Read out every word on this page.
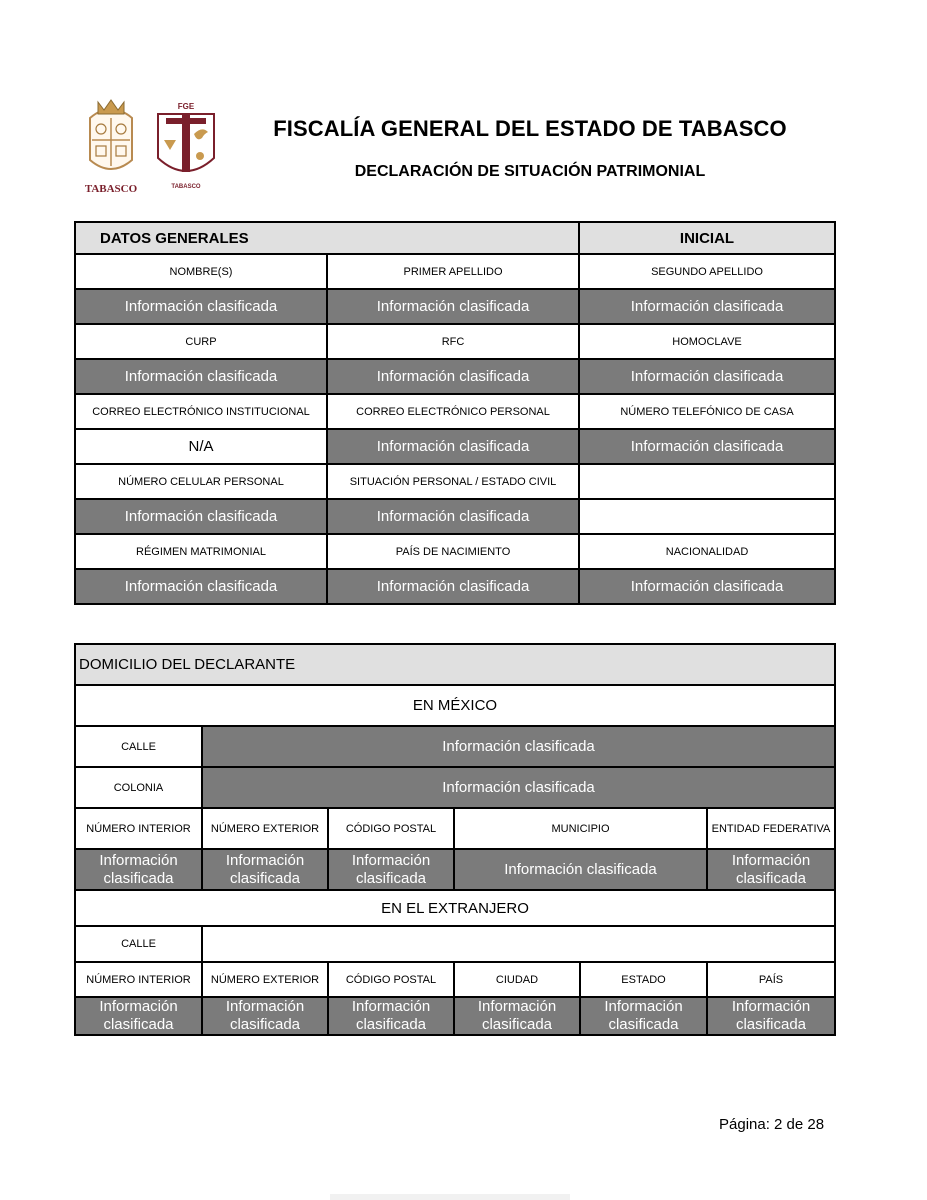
TABASCO
FGE
TABASCO
FISCALÍA GENERAL DEL ESTADO DE TABASCO
DECLARACIÓN DE SITUACIÓN PATRIMONIAL
DATOS GENERALES		INICIAL
NOMBRE(S)	PRIMER APELLIDO	SEGUNDO APELLIDO
Información clasificada	Información clasificada	Información clasificada
CURP	RFC	HOMOCLAVE
Información clasificada	Información clasificada	Información clasificada
CORREO ELECTRÓNICO INSTITUCIONAL	CORREO ELECTRÓNICO PERSONAL	NÚMERO TELEFÓNICO DE CASA
N/A	Información clasificada	Información clasificada
NÚMERO CELULAR PERSONAL	SITUACIÓN PERSONAL / ESTADO CIVIL	
Información clasificada	Información clasificada	
RÉGIMEN MATRIMONIAL	PAÍS DE NACIMIENTO	NACIONALIDAD
Información clasificada	Información clasificada	Información clasificada
DOMICILIO DEL DECLARANTE					
EN MÉXICO					
CALLE	Información clasificada				
COLONIA	Información clasificada				
NÚMERO INTERIOR	NÚMERO EXTERIOR	CÓDIGO POSTAL	MUNICIPIO		ENTIDAD FEDERATIVA
Información clasificada	Información clasificada	Información clasificada	Información clasificada		Información clasificada
EN EL EXTRANJERO					
CALLE					
NÚMERO INTERIOR	NÚMERO EXTERIOR	CÓDIGO POSTAL	CIUDAD	ESTADO	PAÍS
Información clasificada	Información clasificada	Información clasificada	Información clasificada	Información clasificada	Información clasificada
Página: 2 de 28
